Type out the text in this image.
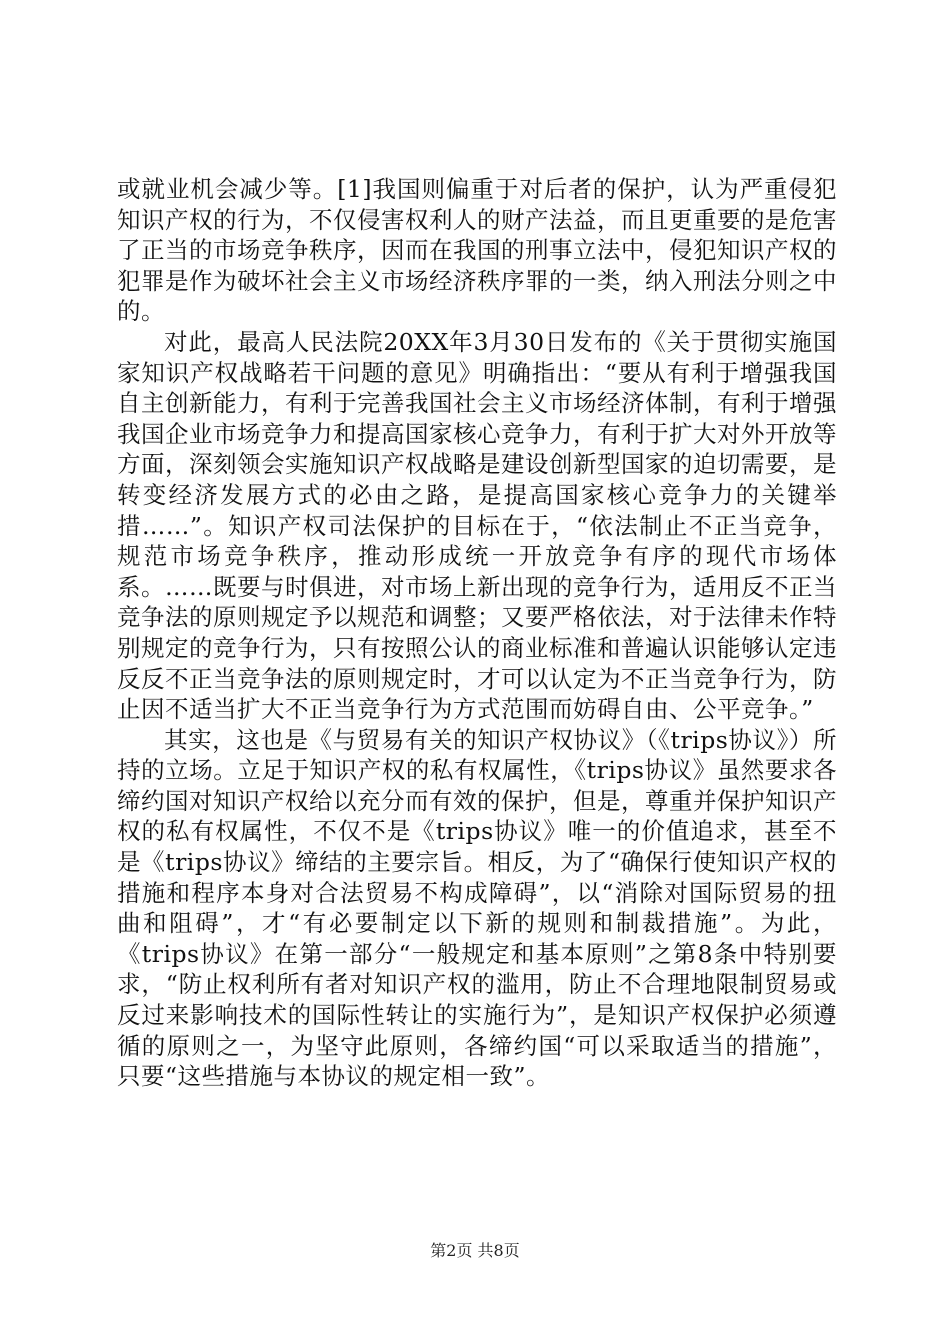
或就业机会减少等。[1]我国则偏重于对后者的保护，认为严重侵犯知识产权的行为，不仅侵害权利人的财产法益，而且更重要的是危害了正当的市场竞争秩序，因而在我国的刑事立法中，侵犯知识产权的犯罪是作为破坏社会主义市场经济秩序罪的一类，纳入刑法分则之中的。

对此，最高人民法院20XX年3月30日发布的《关于贯彻实施国家知识产权战略若干问题的意见》明确指出：“要从有利于增强我国自主创新能力，有利于完善我国社会主义市场经济体制，有利于增强我国企业市场竞争力和提高国家核心竞争力，有利于扩大对外开放等方面，深刻领会实施知识产权战略是建设创新型国家的迫切需要，是转变经济发展方式的必由之路，是提高国家核心竞争力的关键举措……”。知识产权司法保护的目标在于，“依法制止不正当竞争，规范市场竞争秩序，推动形成统一开放竞争有序的现代市场体系。……既要与时俱进，对市场上新出现的竞争行为，适用反不正当竞争法的原则规定予以规范和调整；又要严格依法，对于法律未作特别规定的竞争行为，只有按照公认的商业标准和普遍认识能够认定违反反不正当竞争法的原则规定时，才可以认定为不正当竞争行为，防止因不适当扩大不正当竞争行为方式范围而妨碍自由、公平竞争。”

其实，这也是《与贸易有关的知识产权协议》（《trips协议》）所持的立场。立足于知识产权的私有权属性，《trips协议》虽然要求各缔约国对知识产权给以充分而有效的保护，但是，尊重并保护知识产权的私有权属性，不仅不是《trips协议》唯一的价值追求，甚至不是《trips协议》缔结的主要宗旨。相反，为了“确保行使知识产权的措施和程序本身对合法贸易不构成障碍”，以“消除对国际贸易的扭曲和阻碍”，才“有必要制定以下新的规则和制裁措施”。为此，《trips协议》在第一部分“一般规定和基本原则”之第8条中特别要求，“防止权利所有者对知识产权的滥用，防止不合理地限制贸易或反过来影响技术的国际性转让的实施行为”，是知识产权保护必须遵循的原则之一，为坚守此原则，各缔约国“可以采取适当的措施”，只要“这些措施与本协议的规定相一致”。

第2页 共8页
